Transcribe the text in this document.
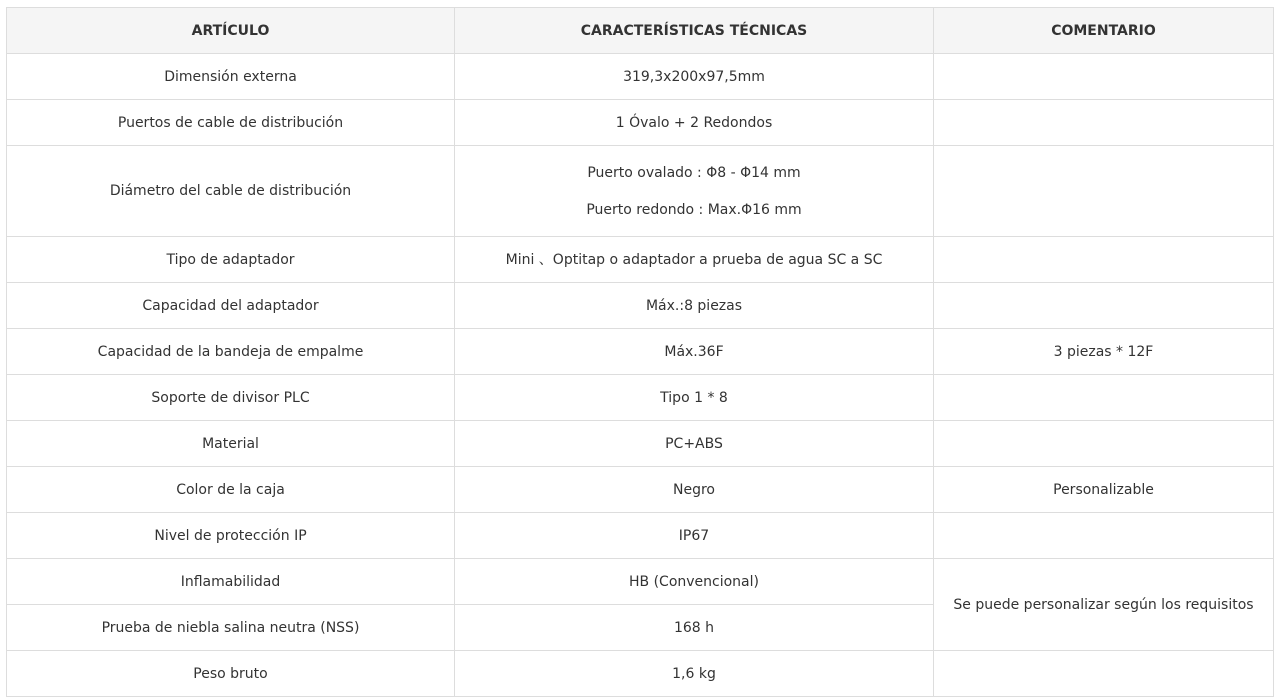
ARTÍCULO	CARACTERÍSTICAS TÉCNICAS	COMENTARIO
Dimensión externa	319,3x200x97,5mm	
Puertos de cable de distribución	1 Óvalo + 2 Redondos	
Diámetro del cable de distribución	Puerto ovalado : Φ8 - Φ14 mm
Puerto redondo : Max.Φ16 mm	

Tipo de adaptador	Mini 、Optitap o adaptador a prueba de agua SC a SC	
Capacidad del adaptador	Máx.:8 piezas	
Capacidad de la bandeja de empalme	Máx.36F	3 piezas * 12F
Soporte de divisor PLC	Tipo 1 * 8	
Material	PC+ABS	
Color de la caja	Negro	Personalizable
Nivel de protección IP	IP67	
Inflamabilidad	HB (Convencional)	Se puede personalizar según los requisitos
Prueba de niebla salina neutra (NSS)	168 h	
Peso bruto	1,6 kg	
